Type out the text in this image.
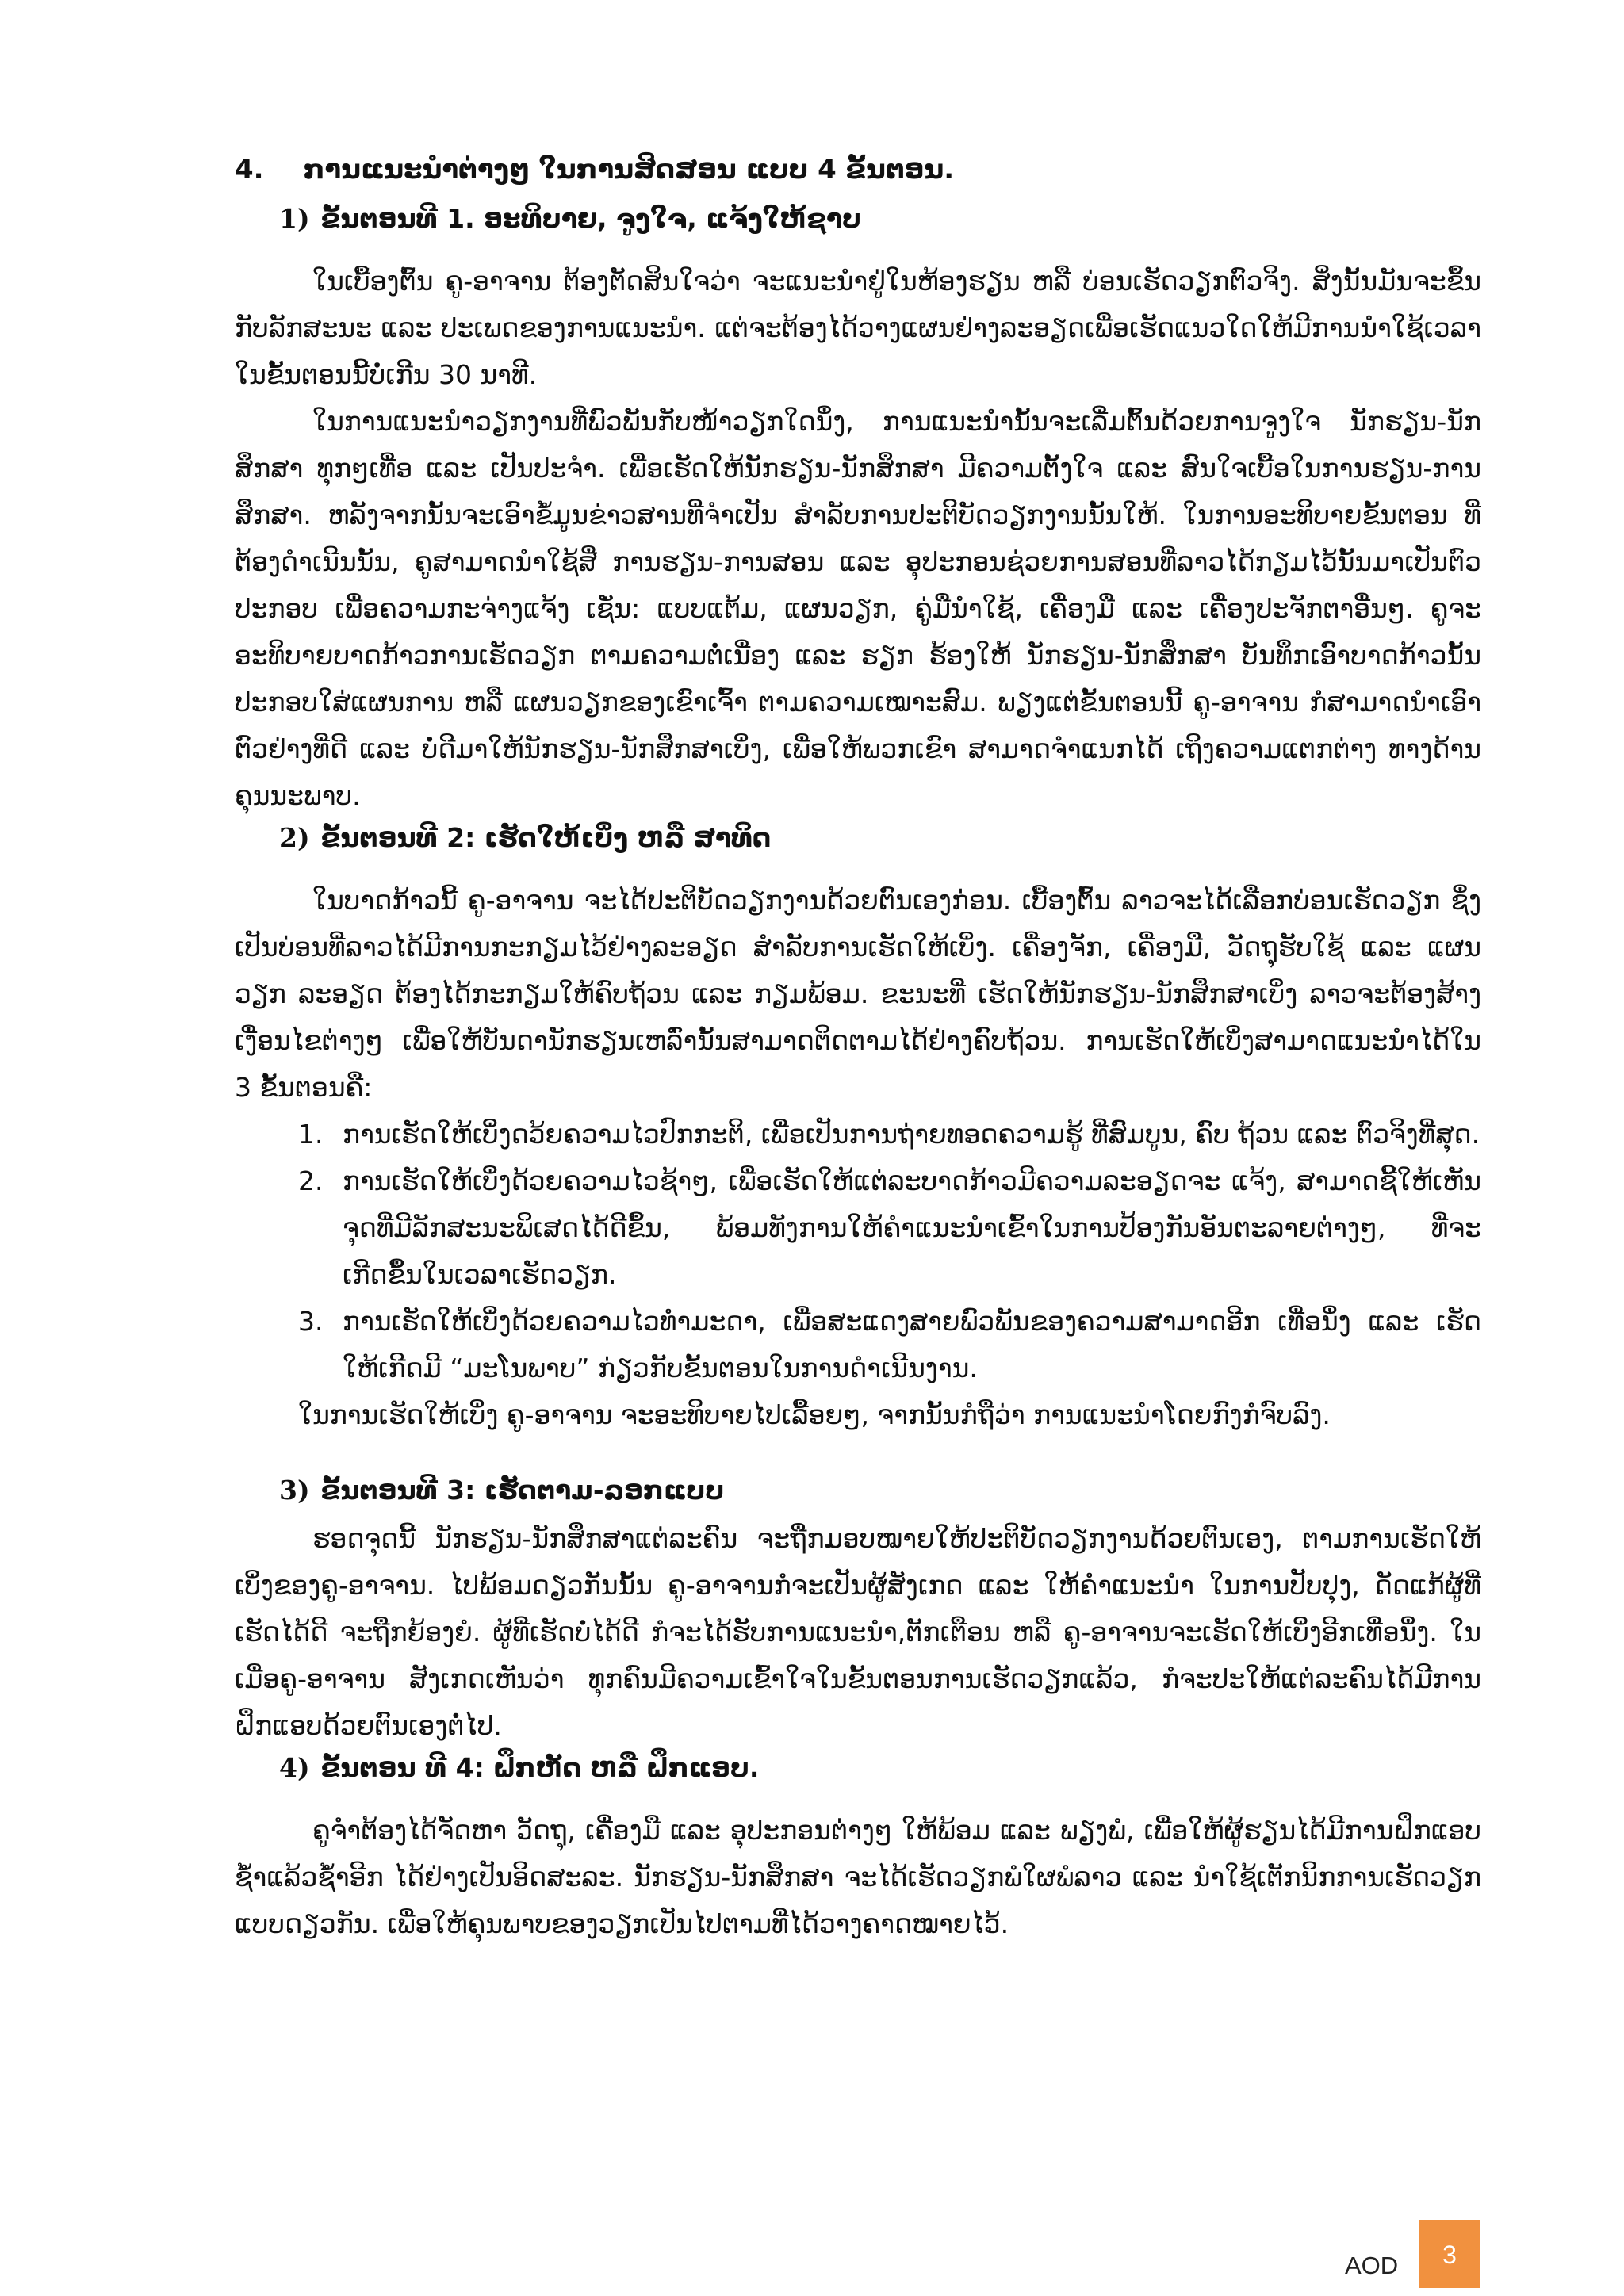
4. ການແນະນຳຕ່າງໆ ໃນການສິດສອນ ແບບ 4 ຂັ້ນຕອນ.
1) ຂັ້ນຕອນທີ 1. ອະທິບາຍ, ຈູງໃຈ, ແຈ້ງໃຫ້ຊາບ

ໃນເບື້ອງຕົ້ນ ຄູ-ອາຈານ ຕ້ອງຕັດສິນໃຈວ່າ ຈະແນະນຳຢູ່ໃນຫ້ອງຮຽນ ຫລື ບ່ອນເຮັດວຽກຕົວຈິງ. ສິ່ງນັ້ນມັນຈະຂຶ້ນກັບລັກສະນະ ແລະ ປະເພດຂອງການແນະນຳ. ແຕ່ຈະຕ້ອງໄດ້ວາງແຜນຢ່າງລະອຽດເພື່ອເຮັດແນວໃດໃຫ້ມີການນຳໃຊ້ເວລາໃນຂັ້ນຕອນນີ້ບໍ່ເກີນ 30 ນາທີ.

ໃນການແນະນຳວຽກງານທີ່ພົວພັນກັບໜ້າວຽກໃດນຶ່ງ, ການແນະນຳນັ້ນຈະເລີ່ມຕົ້ນດ້ວຍການຈູງໃຈ ນັກຮຽນ-ນັກສຶກສາ ທຸກໆເທື່ອ ແລະ ເປັນປະຈຳ. ເພື່ອເຮັດໃຫ້ນັກຮຽນ-ນັກສຶກສາ ມີຄວາມຕັ້ງໃຈ ແລະ ສົນໃຈເບື້ອໃນການຮຽນ-ການສຶກສາ. ຫລັງຈາກນັ້ນຈະເອົາຂໍ້ມູນຂ່າວສານທີ່ຈຳເປັນ ສຳລັບການປະຕິບັດວຽກງານນັ້ນໃຫ້. ໃນການອະທິບາຍຂັ້ນຕອນ ທີ່ຕ້ອງດຳເນີນນັ້ນ, ຄູສາມາດນຳໃຊ້ສື່ ການຮຽນ-ການສອນ ແລະ ອຸປະກອນຊ່ວຍການສອນທີ່ລາວໄດ້ກຽມໄວ້ນັ້ນມາເປັນຕົວປະກອບ ເພື່ອຄວາມກະຈ່າງແຈ້ງ ເຊັ່ນ: ແບບແຕ້ມ, ແຜນວຽກ, ຄູ່ມືນຳໃຊ້, ເຄື່ອງມື ແລະ ເຄື່ອງປະຈັກຕາອື່ນໆ. ຄູຈະອະທິບາຍບາດກ້າວການເຮັດວຽກ ຕາມຄວາມຕໍ່ເນື່ອງ ແລະ ຮຽກ ຮ້ອງໃຫ້ ນັກຮຽນ-ນັກສຶກສາ ບັນທຶກເອົາບາດກ້າວນັ້ນ ປະກອບໃສ່ແຜນການ ຫລື ແຜນວຽກຂອງເຂົາເຈົ້າ ຕາມຄວາມເໝາະສົມ. ພຽງແຕ່ຂັ້ນຕອນນີ້ ຄູ-ອາຈານ ກໍສາມາດນຳເອົາຕົວຢ່າງທີ່ດີ ແລະ ບໍ່ດີມາໃຫ້ນັກຮຽນ-ນັກສຶກສາເບິ່ງ, ເພື່ອໃຫ້ພວກເຂົາ ສາມາດຈຳແນກໄດ້ ເຖິງຄວາມແຕກຕ່າງ ທາງດ້ານຄຸນນະພາບ.

2) ຂັ້ນຕອນທີ 2: ເຮັດໃຫ້ເບິ່ງ ຫລື ສາທິດ

ໃນບາດກ້າວນີ້ ຄູ-ອາຈານ ຈະໄດ້ປະຕິບັດວຽກງານດ້ວຍຕົນເອງກ່ອນ. ເບື້ອງຕົ້ນ ລາວຈະໄດ້ເລືອກບ່ອນເຮັດວຽກ ຊຶ່ງເປັນບ່ອນທີ່ລາວໄດ້ມີການກະກຽມໄວ້ຢ່າງລະອຽດ ສຳລັບການເຮັດໃຫ້ເບິ່ງ. ເຄື່ອງຈັກ, ເຄື່ອງມື, ວັດຖຸຮັບໃຊ້ ແລະ ແຜນວຽກ ລະອຽດ ຕ້ອງໄດ້ກະກຽມໃຫ້ຄົບຖ້ວນ ແລະ ກຽມພ້ອມ. ຂະນະທີ່ ເຮັດໃຫ້ນັກຮຽນ-ນັກສຶກສາເບິ່ງ ລາວຈະຕ້ອງສ້າງເງື່ອນໄຂຕ່າງໆ ເພື່ອໃຫ້ບັນດານັກຮຽນເຫລົ່ານັ້ນສາມາດຕິດຕາມໄດ້ຢ່າງຄົບຖ້ວນ. ການເຮັດໃຫ້ເບິ່ງສາມາດແນະນຳໄດ້ໃນ 3 ຂັ້ນຕອນຄື:

1. ການເຮັດໃຫ້ເບິ່ງດວ້ຍຄວາມໄວປົກກະຕິ, ເພື່ອເປັນການຖ່າຍທອດຄວາມຮູ້ ທີ່ສົມບູນ, ຄົບ ຖ້ວນ ແລະ ຕົວຈິງທີ່ສຸດ.
2. ການເຮັດໃຫ້ເບິ່ງດ້ວຍຄວາມໄວຊ້າໆ, ເພື່ອເຮັດໃຫ້ແຕ່ລະບາດກ້າວມີຄວາມລະອຽດຈະ ແຈ້ງ, ສາມາດຊີ້ໃຫ້ເຫັນຈຸດທີ່ມີລັກສະນະພິເສດໄດ້ດີຂຶ້ນ, ພ້ອມທັງການໃຫ້ຄຳແນະນຳເຂົ້າໃນການປ້ອງກັນອັນຕະລາຍຕ່າງໆ, ທີ່ຈະເກີດຂຶ້ນໃນເວລາເຮັດວຽກ.
3. ການເຮັດໃຫ້ເບິ່ງດ້ວຍຄວາມໄວທຳມະດາ, ເພື່ອສະແດງສາຍພົວພັນຂອງຄວາມສາມາດອີກ ເທື່ອນຶ່ງ ແລະ ເຮັດໃຫ້ເກີດມີ “ມະໂນພາບ” ກ່ຽວກັບຂັ້ນຕອນໃນການດຳເນີນງານ.
ໃນການເຮັດໃຫ້ເບິ່ງ ຄູ-ອາຈານ ຈະອະທິບາຍໄປເລື້ອຍໆ, ຈາກນັ້ນກໍຖືວ່າ ການແນະນຳໂດຍກົງກໍຈົບລົງ.
3) ຂັ້ນຕອນທີ 3: ເຮັດຕາມ-ລອກແບບ

ຮອດຈຸດນີ້ ນັກຮຽນ-ນັກສຶກສາແຕ່ລະຄົນ ຈະຖືກມອບໝາຍໃຫ້ປະຕິບັດວຽກງານດ້ວຍຕົນເອງ, ຕາມການເຮັດໃຫ້ເບິ່ງຂອງຄູ-ອາຈານ. ໄປພ້ອມດຽວກັນນັ້ນ ຄູ-ອາຈານກໍຈະເປັນຜູ້ສັງເກດ ແລະ ໃຫ້ຄຳແນະນຳ ໃນການປັບປຸງ, ດັດແກ້ຜູ້ທີ່ເຮັດໄດ້ດີ ຈະຖືກຍ້ອງຍໍ. ຜູ້ທີ່ເຮັດບໍ່ໄດ້ດີ ກໍຈະໄດ້ຮັບການແນະນຳ,ຕັກເຕືອນ ຫລື ຄູ-ອາຈານຈະເຮັດໃຫ້ເບິ່ງອີກເທື່ອນຶ່ງ. ໃນເມື່ອຄູ-ອາຈານ ສັງເກດເຫັນວ່າ ທຸກຄົນມີຄວາມເຂົ້າໃຈໃນຂັ້ນຕອນການເຮັດວຽກແລ້ວ, ກໍຈະປະໃຫ້ແຕ່ລະຄົນໄດ້ມີການຝຶກແອບດ້ວຍຕົນເອງຕໍ່ໄປ.

4) ຂັ້ນຕອນ ທີ 4: ຝຶກຫັດ ຫລື ຝຶກແອບ.

ຄູຈຳຕ້ອງໄດ້ຈັດຫາ ວັດຖຸ, ເຄື່ອງມື ແລະ ອຸປະກອນຕ່າງໆ ໃຫ້ພ້ອມ ແລະ ພຽງພໍ, ເພື່ອໃຫ້ຜູ້ຮຽນໄດ້ມີການຝຶກແອບຊ້ຳແລ້ວຊ້ຳອີກ ໄດ້ຢ່າງເປັນອິດສະລະ. ນັກຮຽນ-ນັກສຶກສາ ຈະໄດ້ເຮັດວຽກພໍໃຜພໍລາວ ແລະ ນຳໃຊ້ເຕັກນິກການເຮັດວຽກແບບດຽວກັນ. ເພື່ອໃຫ້ຄຸນພາບຂອງວຽກເປັນໄປຕາມທີ່ໄດ້ວາງຄາດໝາຍໄວ້.

AOD	3
